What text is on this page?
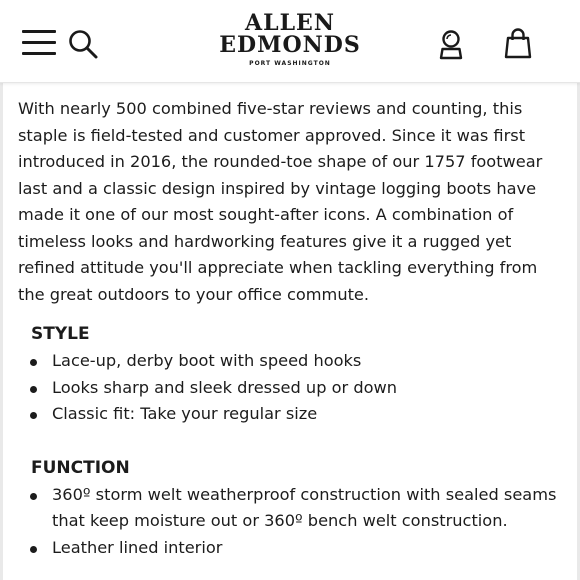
ALLEN
EDMONDS
PORT WASHINGTON
˙˙˙˙

With nearly 500 combined five-star reviews and counting, this staple is field-tested and customer approved. Since it was first introduced in 2016, the rounded-toe shape of our 1757 footwear last and a classic design inspired by vintage logging boots have made it one of our most sought-after icons. A combination of timeless looks and hardworking features give it a rugged yet refined attitude you'll appreciate when tackling everything from the great outdoors to your office commute.

STYLE
Lace-up, derby boot with speed hooks
Looks sharp and sleek dressed up or down
Classic fit: Take your regular size
FUNCTION
360º storm welt weatherproof construction with sealed seams that keep moisture out or 360º bench welt construction.
Leather lined interior
